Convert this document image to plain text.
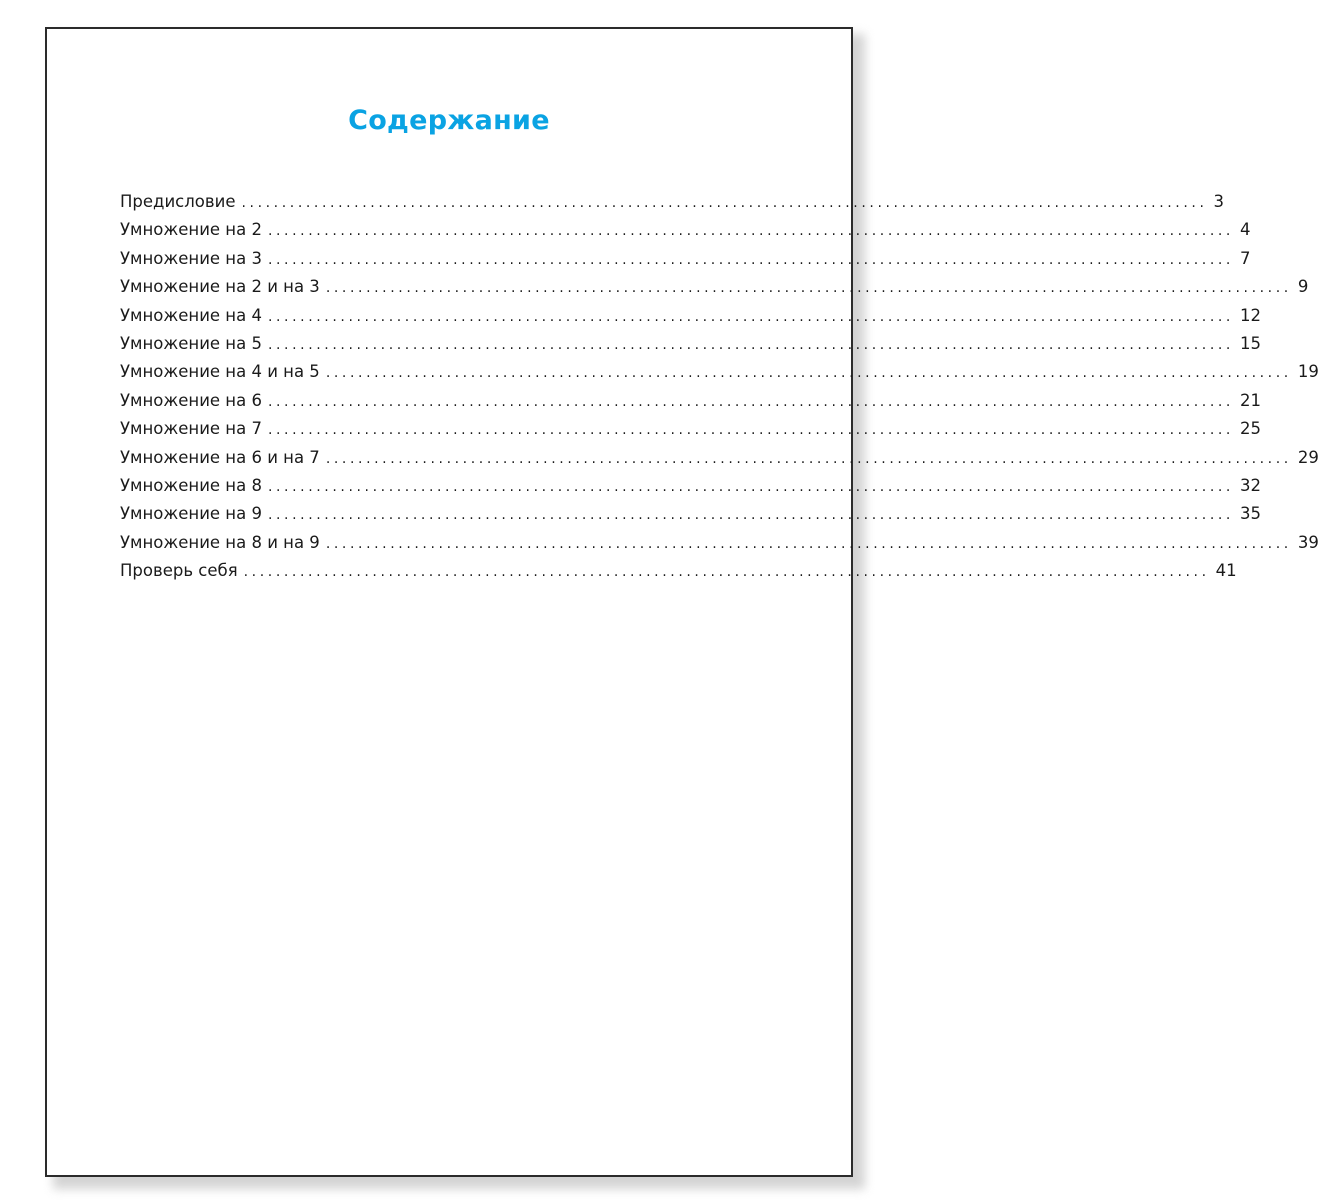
Содержание
Предисловие ........................................................................................................................ 3
Умножение на 2 ........................................................................................................................ 4
Умножение на 3 ........................................................................................................................ 7
Умножение на 2 и на 3 ........................................................................................................................ 9
Умножение на 4 ........................................................................................................................ 12
Умножение на 5 ........................................................................................................................ 15
Умножение на 4 и на 5 ........................................................................................................................ 19
Умножение на 6 ........................................................................................................................ 21
Умножение на 7 ........................................................................................................................ 25
Умножение на 6 и на 7 ........................................................................................................................ 29
Умножение на 8 ........................................................................................................................ 32
Умножение на 9 ........................................................................................................................ 35
Умножение на 8 и на 9 ........................................................................................................................ 39
Проверь себя ........................................................................................................................ 41
